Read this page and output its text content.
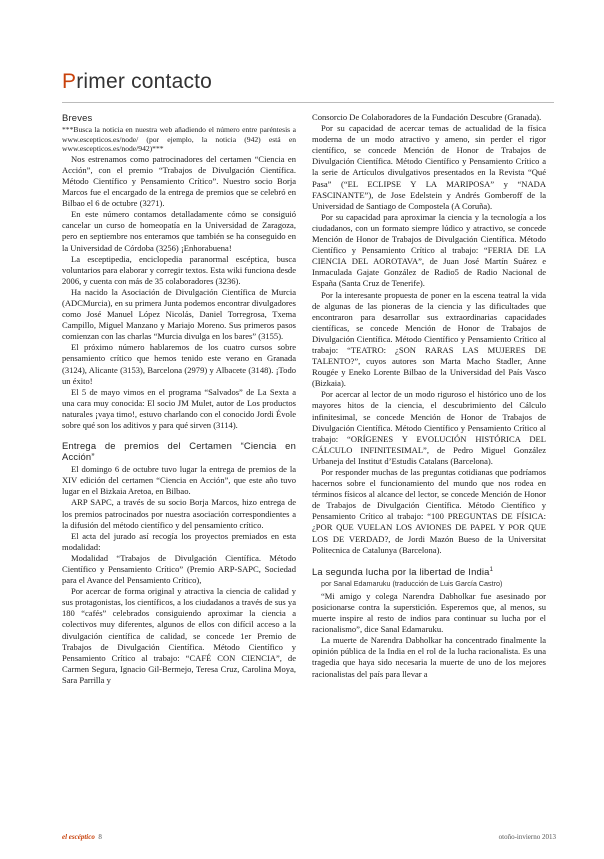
Primer contacto
Breves

***Busca la noticia en nuestra web añadiendo el número entre paréntesis a www.escepticos.es/node/ (por ejemplo, la noticia (942) está en www.escepticos.es/node/942)***

Nos estrenamos como patrocinadores del certamen “Ciencia en Acción”, con el premio “Trabajos de Divulgación Científica. Método Científico y Pensamiento Crítico”. Nuestro socio Borja Marcos fue el encargado de la entrega de premios que se celebró en Bilbao el 6 de octubre (3271).

En este número contamos detalladamente cómo se consiguió cancelar un curso de homeopatía en la Universidad de Zaragoza, pero en septiembre nos enteramos que también se ha conseguido en la Universidad de Córdoba (3256) ¡Enhorabuena!

La esceptipedia, enciclopedia paranormal escéptica, busca voluntarios para elaborar y corregir textos. Esta wiki funciona desde 2006, y cuenta con más de 35 colaboradores (3236).

Ha nacido la Asociación de Divulgación Científica de Murcia (ADCMurcia), en su primera Junta podemos encontrar divulgadores como José Manuel López Nicolás, Daniel Torregrosa, Txema Campillo, Miguel Manzano y Mariajo Moreno. Sus primeros pasos comienzan con las charlas “Murcia divulga en los bares” (3155).

El próximo número hablaremos de los cuatro cursos sobre pensamiento crítico que hemos tenido este verano en Granada (3124), Alicante (3153), Barcelona (2979) y Albacete (3148). ¡Todo un éxito!

El 5 de mayo vimos en el programa “Salvados” de La Sexta a una cara muy conocida: El socio JM Mulet, autor de Los productos naturales ¡vaya timo!, estuvo charlando con el conocido Jordi Évole sobre qué son los aditivos y para qué sirven (3114).

Entrega de premios del Certamen “Ciencia en Acción”

El domingo 6 de octubre tuvo lugar la entrega de premios de la XIV edición del certamen “Ciencia en Acción”, que este año tuvo lugar en el Bizkaia Aretoa, en Bilbao.

ARP SAPC, a través de su socio Borja Marcos, hizo entrega de los premios patrocinados por nuestra asociación correspondientes a la difusión del método científico y del pensamiento crítico.

El acta del jurado así recogía los proyectos premiados en esta modalidad:

Modalidad “Trabajos de Divulgación Científica. Método Científico y Pensamiento Crítico” (Premio ARP-SAPC, Sociedad para el Avance del Pensamiento Crítico),

Por acercar de forma original y atractiva la ciencia de calidad y sus protagonistas, los científicos, a los ciudadanos a través de sus ya 180 “cafés” celebrados consiguiendo aproximar la ciencia a colectivos muy diferentes, algunos de ellos con difícil acceso a la divulgación científica de calidad, se concede 1er Premio de Trabajos de Divulgación Científica. Método Científico y Pensamiento Crítico al trabajo: “CAFÉ CON CIENCIA”, de Carmen Segura, Ignacio Gil-Bermejo, Teresa Cruz, Carolina Moya, Sara Parrilla y

Consorcio De Colaboradores de la Fundación Descubre (Granada).

Por su capacidad de acercar temas de actualidad de la física moderna de un modo atractivo y ameno, sin perder el rigor científico, se concede Mención de Honor de Trabajos de Divulgación Científica. Método Científico y Pensamiento Crítico a la serie de Artículos divulgativos presentados en la Revista “Qué Pasa” (“EL ECLIPSE Y LA MARIPOSA” y “NADA FASCINANTE”), de Jose Edelstein y Andrés Gomberoff de la Universidad de Santiago de Compostela (A Coruña).

Por su capacidad para aproximar la ciencia y la tecnología a los ciudadanos, con un formato siempre lúdico y atractivo, se concede Mención de Honor de Trabajos de Divulgación Científica. Método Científico y Pensamiento Crítico al trabajo: “FERIA DE LA CIENCIA DEL AOROTAVA”, de Juan José Martín Suárez e Inmaculada Gajate González de Radio5 de Radio Nacional de España (Santa Cruz de Tenerife).

Por la interesante propuesta de poner en la escena teatral la vida de algunas de las pioneras de la ciencia y las dificultades que encontraron para desarrollar sus extraordinarias capacidades científicas, se concede Mención de Honor de Trabajos de Divulgación Científica. Método Científico y Pensamiento Crítico al trabajo: “TEATRO: ¿SON RARAS LAS MUJERES DE TALENTO?”, cuyos autores son Marta Macho Stadler, Anne Rougée y Eneko Lorente Bilbao de la Universidad del País Vasco (Bizkaia).

Por acercar al lector de un modo riguroso el histórico uno de los mayores hitos de la ciencia, el descubrimiento del Cálculo infinitesimal, se concede Mención de Honor de Trabajos de Divulgación Científica. Método Científico y Pensamiento Crítico al trabajo: “ORÍGENES Y EVOLUCIÓN HISTÓRICA DEL CÁLCULO INFINITESIMAL”, de Pedro Miguel González Urbaneja del Institut d’Estudis Catalans (Barcelona).

Por responder muchas de las preguntas cotidianas que podríamos hacernos sobre el funcionamiento del mundo que nos rodea en términos físicos al alcance del lector, se concede Mención de Honor de Trabajos de Divulgación Científica. Método Científico y Pensamiento Crítico al trabajo: “100 PREGUNTAS DE FÍSICA: ¿POR QUE VUELAN LOS AVIONES DE PAPEL Y POR QUE LOS DE VERDAD?, de Jordi Mazón Bueso de la Universitat Politecnica de Catalunya (Barcelona).

La segunda lucha por la libertad de India$^1$
por Sanal Edamaruku (traducción de Luis García Castro)

“Mi amigo y colega Narendra Dabholkar fue asesinado por posicionarse contra la superstición. Esperemos que, al menos, su muerte inspire al resto de indios para continuar su lucha por el racionalismo”, dice Sanal Edamaruku.

La muerte de Narendra Dabholkar ha concentrado finalmente la opinión pública de la India en el rol de la lucha racionalista. Es una tragedia que haya sido necesaria la muerte de uno de los mejores racionalistas del país para llevar a

el escéptico 8	otoño-invierno 2013
